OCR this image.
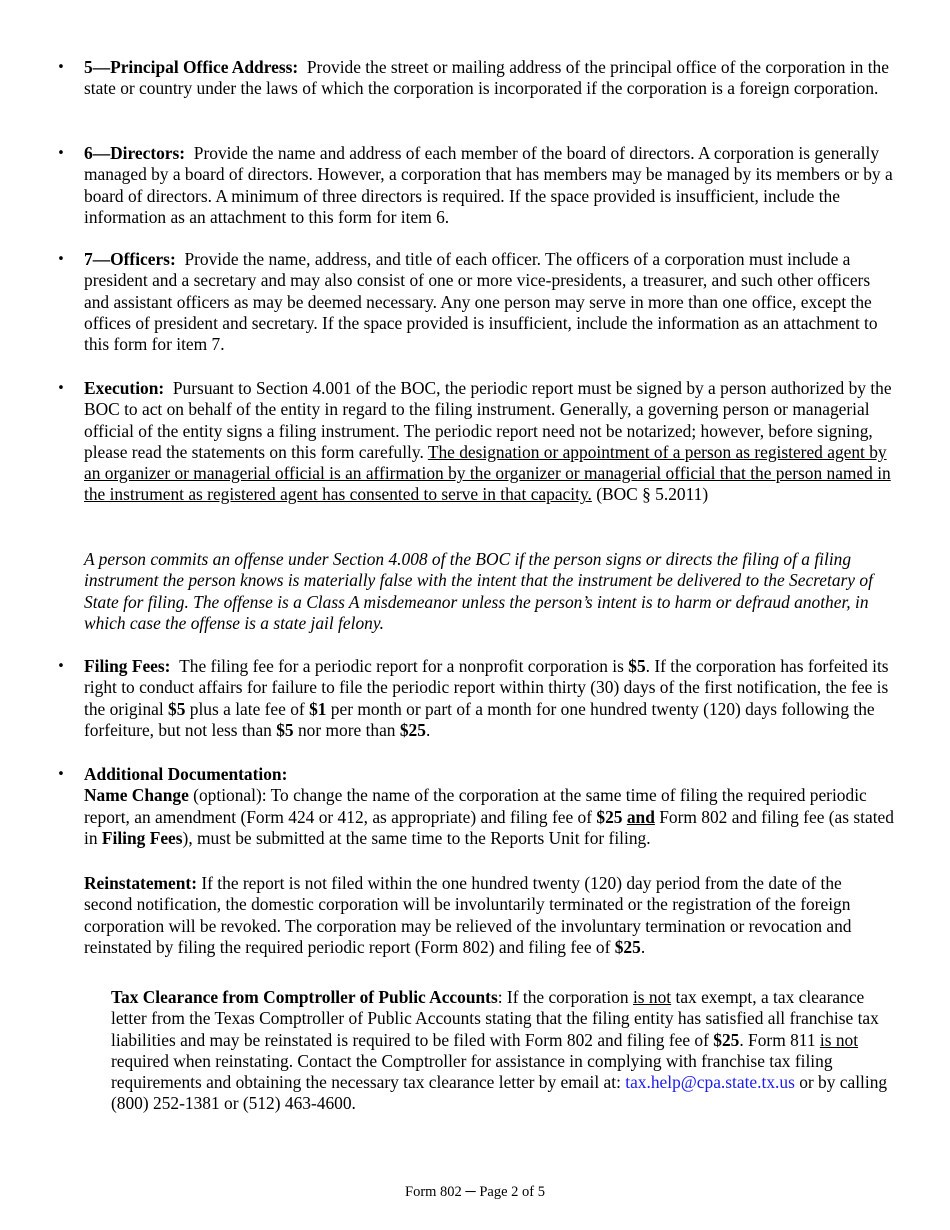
• 5—Principal Office Address: Provide the street or mailing address of the principal office of the corporation in the state or country under the laws of which the corporation is incorporated if the corporation is a foreign corporation.
• 6—Directors: Provide the name and address of each member of the board of directors. A corporation is generally managed by a board of directors. However, a corporation that has members may be managed by its members or by a board of directors. A minimum of three directors is required. If the space provided is insufficient, include the information as an attachment to this form for item 6.
• 7—Officers: Provide the name, address, and title of each officer. The officers of a corporation must include a president and a secretary and may also consist of one or more vice-presidents, a treasurer, and such other officers and assistant officers as may be deemed necessary. Any one person may serve in more than one office, except the offices of president and secretary. If the space provided is insufficient, include the information as an attachment to this form for item 7.
• Execution: Pursuant to Section 4.001 of the BOC, the periodic report must be signed by a person authorized by the BOC to act on behalf of the entity in regard to the filing instrument. Generally, a governing person or managerial official of the entity signs a filing instrument. The periodic report need not be notarized; however, before signing, please read the statements on this form carefully. The designation or appointment of a person as registered agent by an organizer or managerial official is an affirmation by the organizer or managerial official that the person named in the instrument as registered agent has consented to serve in that capacity. (BOC § 5.2011)
A person commits an offense under Section 4.008 of the BOC if the person signs or directs the filing of a filing instrument the person knows is materially false with the intent that the instrument be delivered to the Secretary of State for filing. The offense is a Class A misdemeanor unless the person’s intent is to harm or defraud another, in which case the offense is a state jail felony.
• Filing Fees: The filing fee for a periodic report for a nonprofit corporation is $5. If the corporation has forfeited its right to conduct affairs for failure to file the periodic report within thirty (30) days of the first notification, the fee is the original $5 plus a late fee of $1 per month or part of a month for one hundred twenty (120) days following the forfeiture, but not less than $5 nor more than $25.
• Additional Documentation:
Name Change (optional): To change the name of the corporation at the same time of filing the required periodic report, an amendment (Form 424 or 412, as appropriate) and filing fee of $25 and Form 802 and filing fee (as stated in Filing Fees), must be submitted at the same time to the Reports Unit for filing.
Reinstatement: If the report is not filed within the one hundred twenty (120) day period from the date of the second notification, the domestic corporation will be involuntarily terminated or the registration of the foreign corporation will be revoked. The corporation may be relieved of the involuntary termination or revocation and reinstated by filing the required periodic report (Form 802) and filing fee of $25.
Tax Clearance from Comptroller of Public Accounts: If the corporation is not tax exempt, a tax clearance letter from the Texas Comptroller of Public Accounts stating that the filing entity has satisfied all franchise tax liabilities and may be reinstated is required to be filed with Form 802 and filing fee of $25. Form 811 is not required when reinstating. Contact the Comptroller for assistance in complying with franchise tax filing requirements and obtaining the necessary tax clearance letter by email at: tax.help@cpa.state.tx.us or by calling (800) 252-1381 or (512) 463-4600.
Form 802 ─ Page 2 of 5
